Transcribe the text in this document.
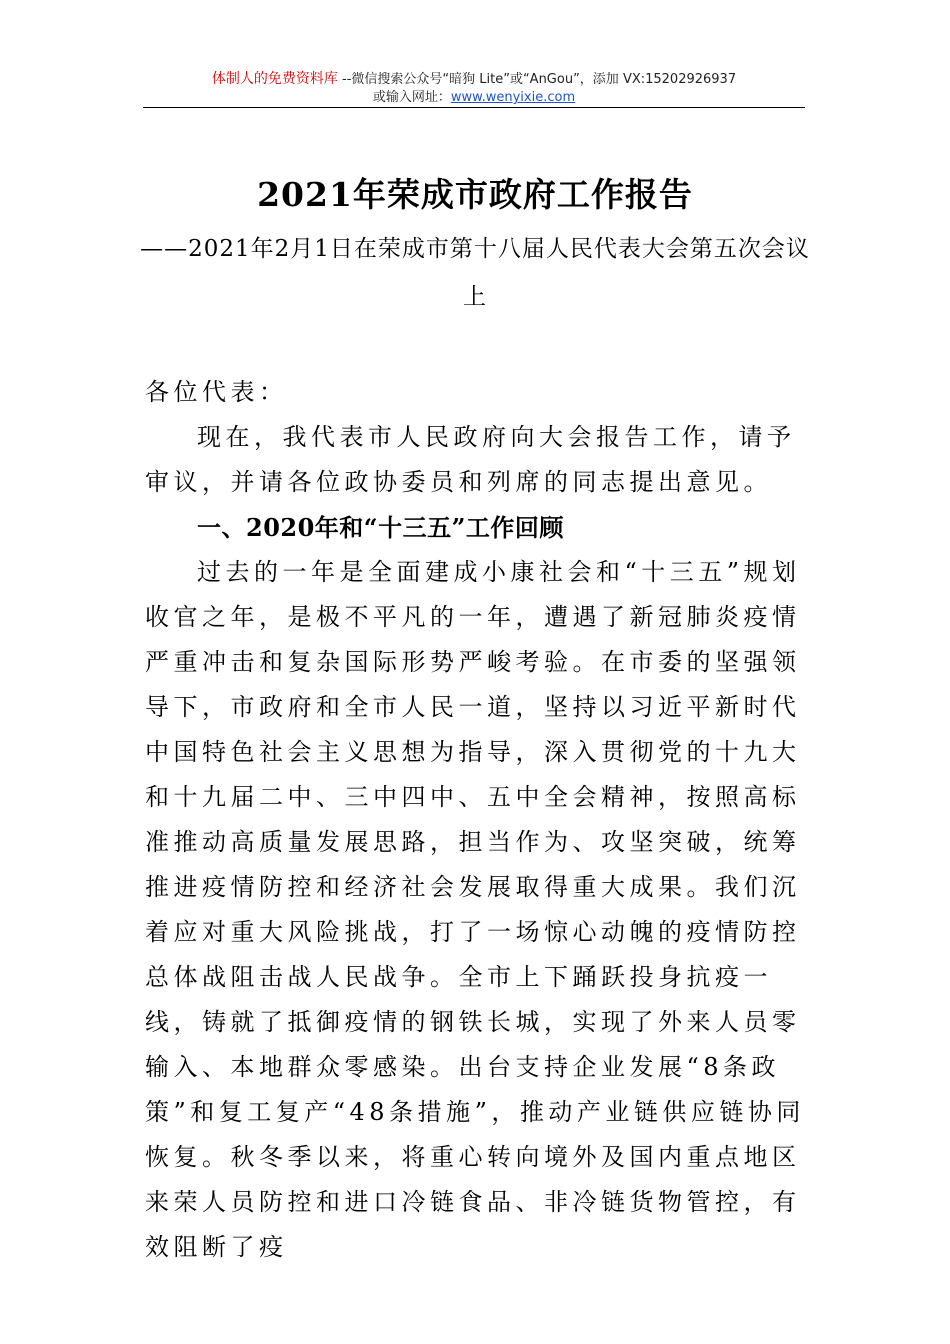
体制人的免费资料库 --微信搜索公众号“暗狗 Lite”或“AnGou”，添加 VX:15202926937
或输入网址：www.wenyixie.com
2021年荣成市政府工作报告
——2021年2月1日在荣成市第十八届人民代表大会第五次会议上

各位代表：

现在，我代表市人民政府向大会报告工作，请予审议，并请各位政协委员和列席的同志提出意见。

一、2020年和“十三五”工作回顾

过去的一年是全面建成小康社会和“十三五”规划收官之年，是极不平凡的一年，遭遇了新冠肺炎疫情严重冲击和复杂国际形势严峻考验。在市委的坚强领导下，市政府和全市人民一道，坚持以习近平新时代中国特色社会主义思想为指导，深入贯彻党的十九大和十九届二中、三中四中、五中全会精神，按照高标准推动高质量发展思路，担当作为、攻坚突破，统筹推进疫情防控和经济社会发展取得重大成果。我们沉着应对重大风险挑战，打了一场惊心动魄的疫情防控总体战阻击战人民战争。全市上下踊跃投身抗疫一线，铸就了抵御疫情的钢铁长城，实现了外来人员零输入、本地群众零感染。出台支持企业发展“8条政策”和复工复产“48条措施”，推动产业链供应链协同恢复。秋冬季以来，将重心转向境外及国内重点地区来荣人员防控和进口冷链食品、非冷链货物管控，有效阻断了疫
